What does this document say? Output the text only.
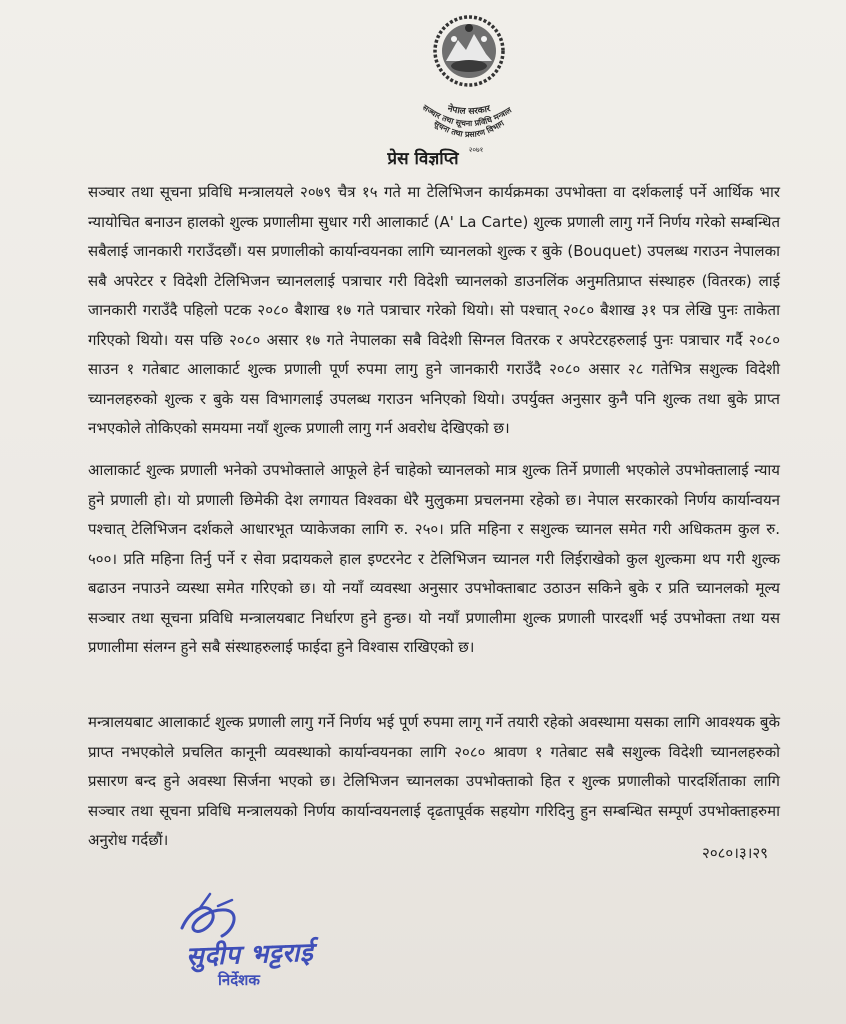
नेपाल सरकार
सञ्चार तथा सूचना प्रविधि मन्त्राल
सूचना तथा प्रसारण विभाग
२०७१
प्रेस विज्ञप्ति

सञ्चार तथा सूचना प्रविधि मन्त्रालयले २०७९ चैत्र १५ गते मा टेलिभिजन कार्यक्रमका उपभोक्ता वा दर्शकलाई पर्ने आर्थिक भार न्यायोचित बनाउन हालको शुल्क प्रणालीमा सुधार गरी आलाकार्ट (A' La Carte) शुल्क प्रणाली लागु गर्ने निर्णय गरेको सम्बन्धित सबैलाई जानकारी गराउँदछौं। यस प्रणालीको कार्यान्वयनका लागि च्यानलको शुल्क र बुके (Bouquet) उपलब्ध गराउन नेपालका सबै अपरेटर र विदेशी टेलिभिजन च्यानललाई पत्राचार गरी विदेशी च्यानलको डाउनलिंक अनुमतिप्राप्त संस्थाहरु (वितरक) लाई जानकारी गराउँदै पहिलो पटक २०८० बैशाख १७ गते पत्राचार गरेको थियो। सो पश्चात् २०८० बैशाख ३१ पत्र लेखि पुनः ताकेता गरिएको थियो। यस पछि २०८० असार १७ गते नेपालका सबै विदेशी सिग्नल वितरक र अपरेटरहरुलाई पुनः पत्राचार गर्दै २०८० साउन १ गतेबाट आलाकार्ट शुल्क प्रणाली पूर्ण रुपमा लागु हुने जानकारी गराउँदै २०८० असार २८ गतेभित्र सशुल्क विदेशी च्यानलहरुको शुल्क र बुके यस विभागलाई उपलब्ध गराउन भनिएको थियो। उपर्युक्त अनुसार कुनै पनि शुल्क तथा बुके प्राप्त नभएकोले तोकिएको समयमा नयाँ शुल्क प्रणाली लागु गर्न अवरोध देखिएको छ।

आलाकार्ट शुल्क प्रणाली भनेको उपभोक्ताले आफूले हेर्न चाहेको च्यानलको मात्र शुल्क तिर्ने प्रणाली भएकोले उपभोक्तालाई न्याय हुने प्रणाली हो। यो प्रणाली छिमेकी देश लगायत विश्वका धेरै मुलुकमा प्रचलनमा रहेको छ। नेपाल सरकारको निर्णय कार्यान्वयन पश्चात् टेलिभिजन दर्शकले आधारभूत प्याकेजका लागि रु. २५०। प्रति महिना र सशुल्क च्यानल समेत गरी अधिकतम कुल रु. ५००। प्रति महिना तिर्नु पर्ने र सेवा प्रदायकले हाल इण्टरनेट र टेलिभिजन च्यानल गरी लिईराखेको कुल शुल्कमा थप गरी शुल्क बढाउन नपाउने व्यस्था समेत गरिएको छ। यो नयाँ व्यवस्था अनुसार उपभोक्ताबाट उठाउन सकिने बुके र प्रति च्यानलको मूल्य सञ्चार तथा सूचना प्रविधि मन्त्रालयबाट निर्धारण हुने हुन्छ। यो नयाँ प्रणालीमा शुल्क प्रणाली पारदर्शी भई उपभोक्ता तथा यस प्रणालीमा संलग्न हुने सबै संस्थाहरुलाई फाईदा हुने विश्वास राखिएको छ।

मन्त्रालयबाट आलाकार्ट शुल्क प्रणाली लागु गर्ने निर्णय भई पूर्ण रुपमा लागू गर्ने तयारी रहेको अवस्थामा यसका लागि आवश्यक बुके प्राप्त नभएकोले प्रचलित कानूनी व्यवस्थाको कार्यान्वयनका लागि २०८० श्रावण १ गतेबाट सबै सशुल्क विदेशी च्यानलहरुको प्रसारण बन्द हुने अवस्था सिर्जना भएको छ। टेलिभिजन च्यानलका उपभोक्ताको हित र शुल्क प्रणालीको पारदर्शिताका लागि सञ्चार तथा सूचना प्रविधि मन्त्रालयको निर्णय कार्यान्वयनलाई दृढतापूर्वक सहयोग गरिदिनु हुन सम्बन्धित सम्पूर्ण उपभोक्ताहरुमा अनुरोध गर्दछौं।

२०८०।३।२९
सुदीप भट्टराई
निर्देशक
